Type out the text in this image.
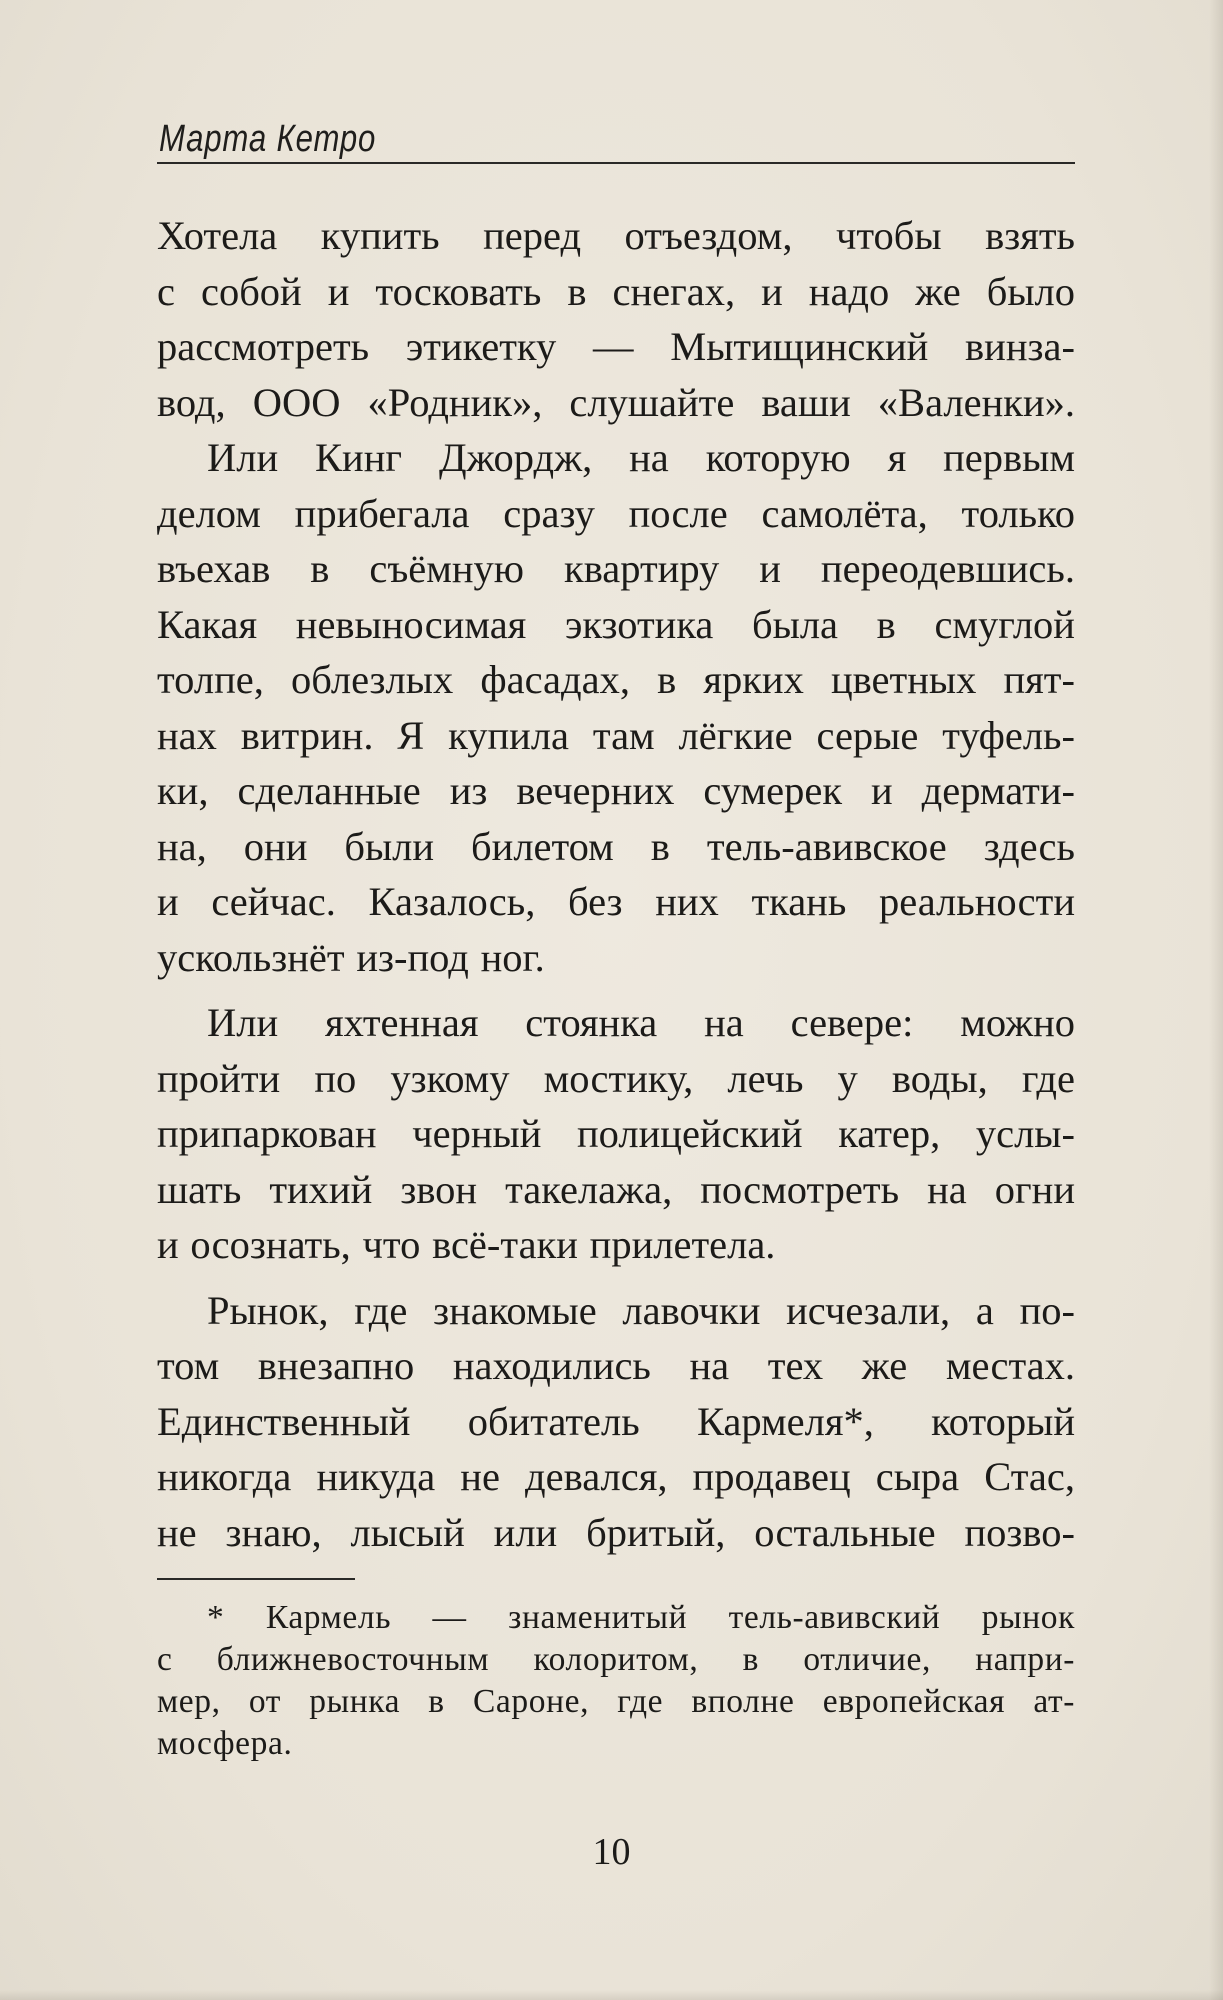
Марта Кетро

Хотела купить перед отъездом, чтобы взять
с собой и тосковать в снегах, и надо же было
рассмотреть этикетку — Мытищинский винза-
вод, ООО «Родник», слушайте ваши «Валенки».

Или Кинг Джордж, на которую я первым
делом прибегала сразу после самолёта, только
въехав в съёмную квартиру и переодевшись.
Какая невыносимая экзотика была в смуглой
толпе, облезлых фасадах, в ярких цветных пят-
нах витрин. Я купила там лёгкие серые туфель-
ки, сделанные из вечерних сумерек и дермати-
на, они были билетом в тель-авивское здесь
и сейчас. Казалось, без них ткань реальности
ускользнёт из-под ног.

Или яхтенная стоянка на севере: можно
пройти по узкому мостику, лечь у воды, где
припаркован черный полицейский катер, услы-
шать тихий звон такелажа, посмотреть на огни
и осознать, что всё-таки прилетела.

Рынок, где знакомые лавочки исчезали, а по-
том внезапно находились на тех же местах.
Единственный обитатель Кармеля*, который
никогда никуда не девался, продавец сыра Стас,
не знаю, лысый или бритый, остальные позво-

* Кармель — знаменитый тель-авивский рынок
с ближневосточным колоритом, в отличие, напри-
мер, от рынка в Сароне, где вполне европейская ат-
мосфера.
10
